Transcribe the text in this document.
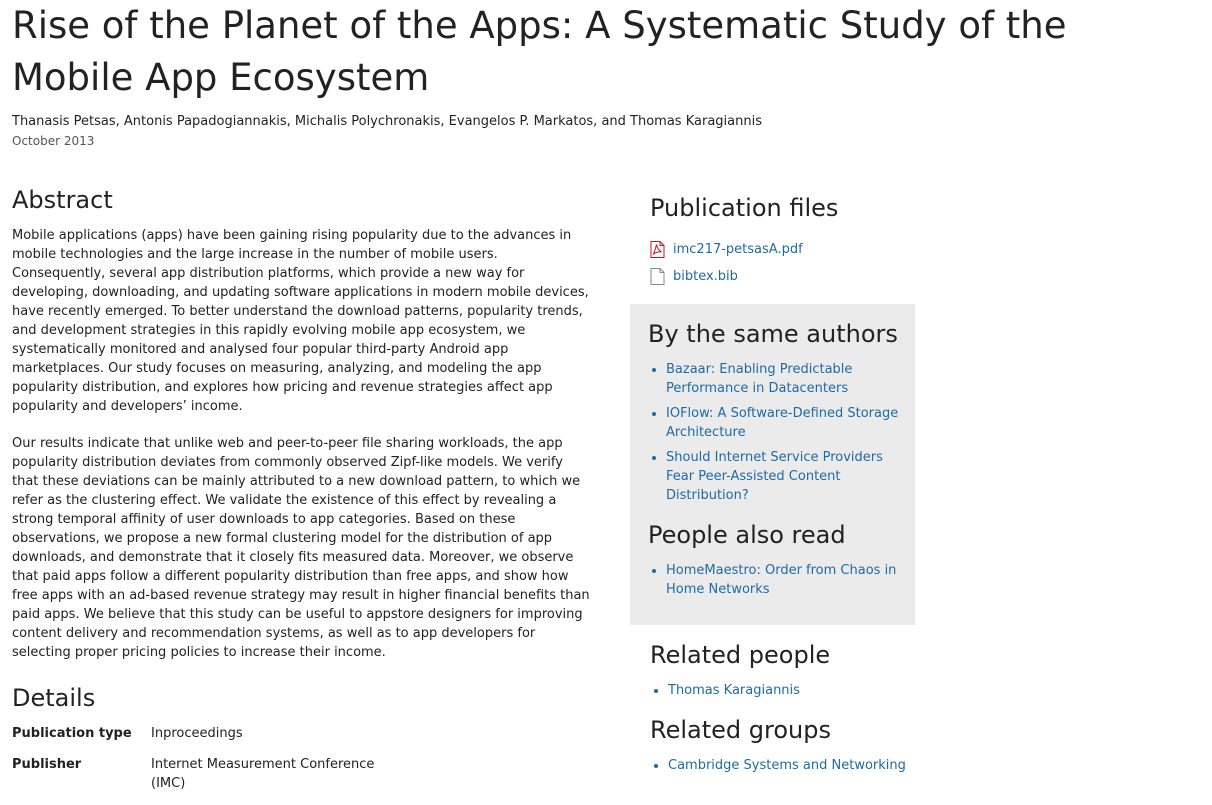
Rise of the Planet of the Apps: A Systematic Study of the
Mobile App Ecosystem
Thanasis Petsas, Antonis Papadogiannakis, Michalis Polychronakis, Evangelos P. Markatos, and Thomas Karagiannis
October 2013
Abstract

Mobile applications (apps) have been gaining rising popularity due to the advances in mobile technologies and the large increase in the number of mobile users. Consequently, several app distribution platforms, which provide a new way for developing, downloading, and updating software applications in modern mobile devices, have recently emerged. To better understand the download patterns, popularity trends, and development strategies in this rapidly evolving mobile app ecosystem, we systematically monitored and analysed four popular third-party Android app marketplaces. Our study focuses on measuring, analyzing, and modeling the app popularity distribution, and explores how pricing and revenue strategies affect app popularity and developers’ income.

Our results indicate that unlike web and peer-to-peer file sharing workloads, the app popularity distribution deviates from commonly observed Zipf-like models. We verify that these deviations can be mainly attributed to a new download pattern, to which we refer as the clustering effect. We validate the existence of this effect by revealing a strong temporal affinity of user downloads to app categories. Based on these observations, we propose a new formal clustering model for the distribution of app downloads, and demonstrate that it closely fits measured data. Moreover, we observe that paid apps follow a different popularity distribution than free apps, and show how free apps with an ad-based revenue strategy may result in higher financial benefits than paid apps. We believe that this study can be useful to appstore designers for improving content delivery and recommendation systems, as well as to app developers for selecting proper pricing policies to increase their income.

Details
Publication type	Inproceedings
Publisher	Internet Measurement Conference (IMC)
Publication files
imc217-petsasA.pdf
bibtex.bib
By the same authors
• Bazaar: Enabling Predictable Performance in Datacenters
• IOFlow: A Software-Defined Storage Architecture
• Should Internet Service Providers Fear Peer-Assisted Content Distribution?
People also read
• HomeMaestro: Order from Chaos in Home Networks
Related people
• Thomas Karagiannis
Related groups
• Cambridge Systems and Networking
